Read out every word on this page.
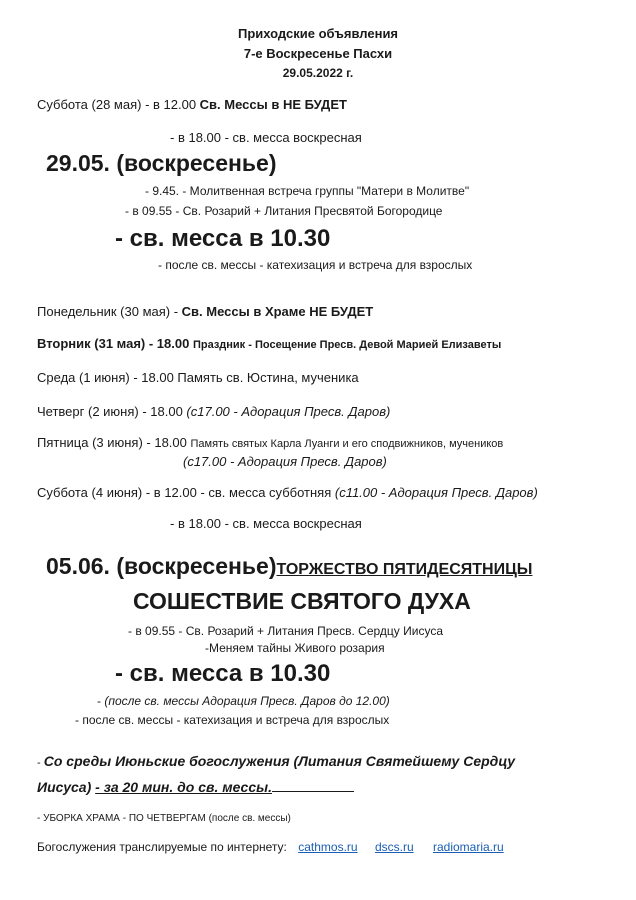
Приходские объявления
7-е Воскресенье Пасхи
29.05.2022 г.
Суббота (28 мая) - в 12.00 Св. Мессы в НЕ БУДЕТ
- в 18.00 - св. месса воскресная
29.05. (воскресенье)
- 9.45. - Молитвенная встреча группы "Матери в Молитве"
- в 09.55 - Св. Розарий + Литания Пресвятой Богородице
- св. месса в 10.30
- после св. мессы - катехизация и встреча для взрослых
Понедельник (30 мая) - Св. Мессы в Храме НЕ БУДЕТ
Вторник (31 мая) - 18.00 Праздник - Посещение Пресв. Девой Марией Елизаветы
Среда (1 июня) - 18.00 Память св. Юстина, мученика
Четверг (2 июня) - 18.00 (с17.00 - Адорация Пресв. Даров)
Пятница (3 июня) - 18.00 Память святых Карла Луанги и его сподвижников, мучеников
(с17.00 - Адорация Пресв. Даров)
Суббота (4 июня) - в 12.00 - св. месса субботняя (с11.00 - Адорация Пресв. Даров)
- в 18.00 - св. месса воскресная
05.06. (воскресенье)ТОРЖЕСТВО ПЯТИДЕСЯТНИЦЫ
СОШЕСТВИЕ СВЯТОГО ДУХА
- в 09.55 - Св. Розарий + Литания Пресв. Сердцу Иисуса
-Меняем тайны Живого розария
- св. месса в 10.30
- (после св. мессы Адорация Пресв. Даров до 12.00)
- после св. мессы - катехизация и встреча для взрослых
- Со среды Июньские богослужения (Литания Святейшему Сердцу
Иисуса) - за 20 мин. до св. мессы.
- УБОРКА ХРАМА - ПО ЧЕТВЕРГАМ (после св. мессы)
Богослужения транслируемые по интернету: cathmos.ru dscs.ru radiomaria.ru
